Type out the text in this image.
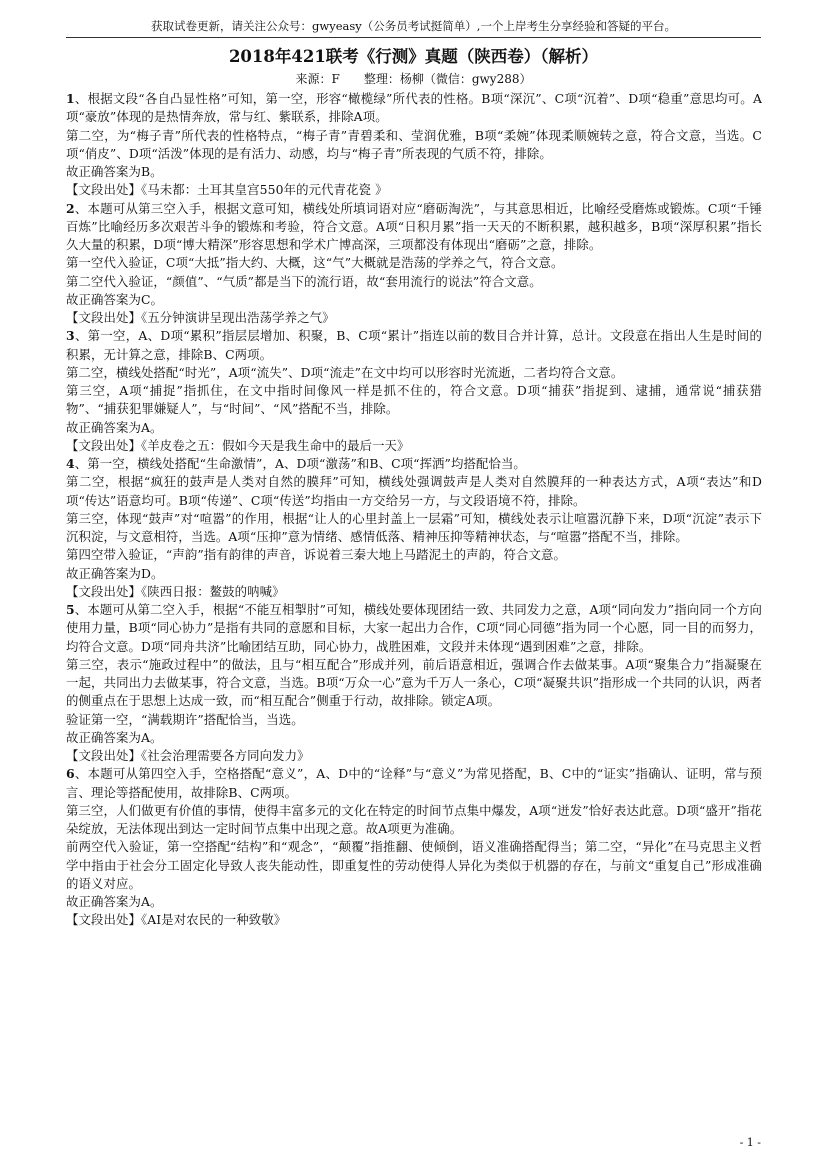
获取试卷更新，请关注公众号：gwyeasy（公务员考试挺简单）,一个上岸考生分享经验和答疑的平台。
2018年421联考《行测》真题（陕西卷）（解析）
来源：F　　整理：杨柳（微信：gwy288）

1、根据文段“各自凸显性格”可知，第一空，形容“橄榄绿”所代表的性格。B项“深沉”、C项“沉着”、D项“稳重”意思均可。A项“豪放”体现的是热情奔放，常与红、紫联系，排除A项。

第二空，为“梅子青”所代表的性格特点，“梅子青”青碧柔和、莹润优雅，B项“柔婉”体现柔顺婉转之意，符合文意，当选。C项“俏皮”、D项“活泼”体现的是有活力、动感，均与“梅子青”所表现的气质不符，排除。

故正确答案为B。

【文段出处】《马未都：土耳其皇宫550年的元代青花瓷 》

2、本题可从第三空入手，根据文意可知，横线处所填词语对应“磨砺淘洗”，与其意思相近，比喻经受磨炼或锻炼。C项“千锤百炼”比喻经历多次艰苦斗争的锻炼和考验，符合文意。A项“日积月累”指一天天的不断积累，越积越多，B项“深厚积累”指长久大量的积累，D项“博大精深”形容思想和学术广博高深，三项都没有体现出“磨砺”之意，排除。

第一空代入验证，C项“大抵”指大约、大概，这“气”大概就是浩荡的学养之气，符合文意。

第二空代入验证，“颜值”、“气质”都是当下的流行语，故“套用流行的说法”符合文意。

故正确答案为C。

【文段出处】《五分钟演讲呈现出浩荡学养之气》

3、第一空，A、D项“累积”指层层增加、积聚，B、C项“累计”指连以前的数目合并计算，总计。文段意在指出人生是时间的积累，无计算之意，排除B、C两项。

第二空，横线处搭配“时光”，A项“流失”、D项“流走”在文中均可以形容时光流逝，二者均符合文意。

第三空，A项“捕捉”指抓住，在文中指时间像风一样是抓不住的，符合文意。D项“捕获”指捉到、逮捕，通常说“捕获猎物”、“捕获犯罪嫌疑人”，与“时间”、“风”搭配不当，排除。

故正确答案为A。

【文段出处】《羊皮卷之五：假如今天是我生命中的最后一天》

4、第一空，横线处搭配“生命激情”，A、D项“激荡”和B、C项“挥洒”均搭配恰当。

第二空，根据“疯狂的鼓声是人类对自然的膜拜”可知，横线处强调鼓声是人类对自然膜拜的一种表达方式，A项“表达”和D项“传达”语意均可。B项“传递”、C项“传送”均指由一方交给另一方，与文段语境不符，排除。

第三空，体现“鼓声”对“喧嚣”的作用，根据“让人的心里封盖上一层霜”可知，横线处表示让喧嚣沉静下来，D项“沉淀”表示下沉积淀，与文意相符，当选。A项“压抑”意为情绪、感情低落、精神压抑等精神状态，与“喧嚣”搭配不当，排除。

第四空带入验证，“声韵”指有韵律的声音，诉说着三秦大地上马踏泥土的声韵，符合文意。

故正确答案为D。

【文段出处】《陕西日报：鳌鼓的呐喊》

5、本题可从第二空入手，根据“不能互相掣肘”可知，横线处要体现团结一致、共同发力之意，A项“同向发力”指向同一个方向使用力量，B项“同心协力”是指有共同的意愿和目标，大家一起出力合作，C项“同心同德”指为同一个心愿，同一目的而努力，均符合文意。D项“同舟共济”比喻团结互助，同心协力，战胜困难，文段并未体现“遇到困难”之意，排除。

第三空，表示“施政过程中”的做法，且与“相互配合”形成并列，前后语意相近，强调合作去做某事。A项“聚集合力”指凝聚在一起，共同出力去做某事，符合文意，当选。B项“万众一心”意为千万人一条心，C项“凝聚共识”指形成一个共同的认识，两者的侧重点在于思想上达成一致，而“相互配合”侧重于行动，故排除。锁定A项。

验证第一空，“满载期许”搭配恰当，当选。

故正确答案为A。

【文段出处】《社会治理需要各方同向发力》

6、本题可从第四空入手，空格搭配“意义”，A、D中的“诠释”与“意义”为常见搭配，B、C中的“证实”指确认、证明，常与预言、理论等搭配使用，故排除B、C两项。

第三空，人们做更有价值的事情，使得丰富多元的文化在特定的时间节点集中爆发，A项“迸发”恰好表达此意。D项“盛开”指花朵绽放，无法体现出到达一定时间节点集中出现之意。故A项更为准确。

前两空代入验证，第一空搭配“结构”和“观念”，“颠覆”指推翻、使倾倒，语义准确搭配得当；第二空，“异化”在马克思主义哲学中指由于社会分工固定化导致人丧失能动性，即重复性的劳动使得人异化为类似于机器的存在，与前文“重复自己”形成准确的语义对应。

故正确答案为A。

【文段出处】《AI是对农民的一种致敬》

- 1 -
